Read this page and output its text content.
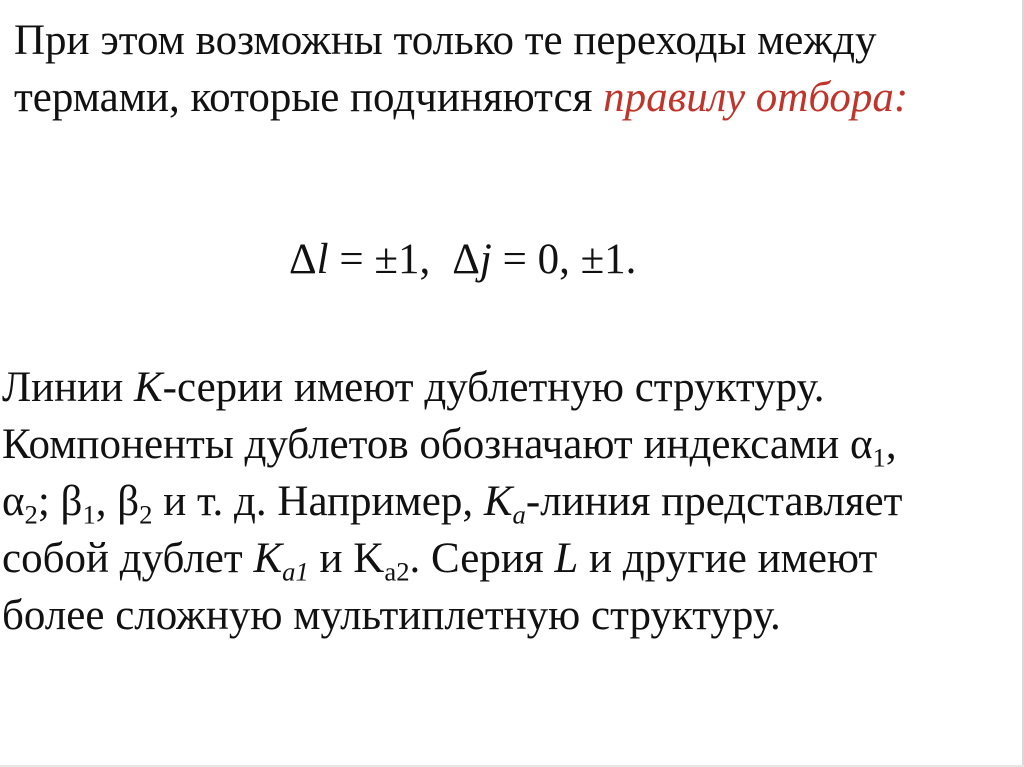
При этом возможны только те переходы между
термами, которые подчиняются правилу отбора:

Δl = ±1, Δj = 0, ±1.

Линии K-серии имеют дублетную структуру.
Компоненты дублетов обозначают индексами $\alpha_1$,
$\alpha_2$; $\beta_1$, $\beta_2$ и т. д. Например, $K_a$-линия представляет
собой дублет $K_{a1}$ и $K_{a2}$. Серия L и другие имеют
более сложную мультиплетную структуру.
